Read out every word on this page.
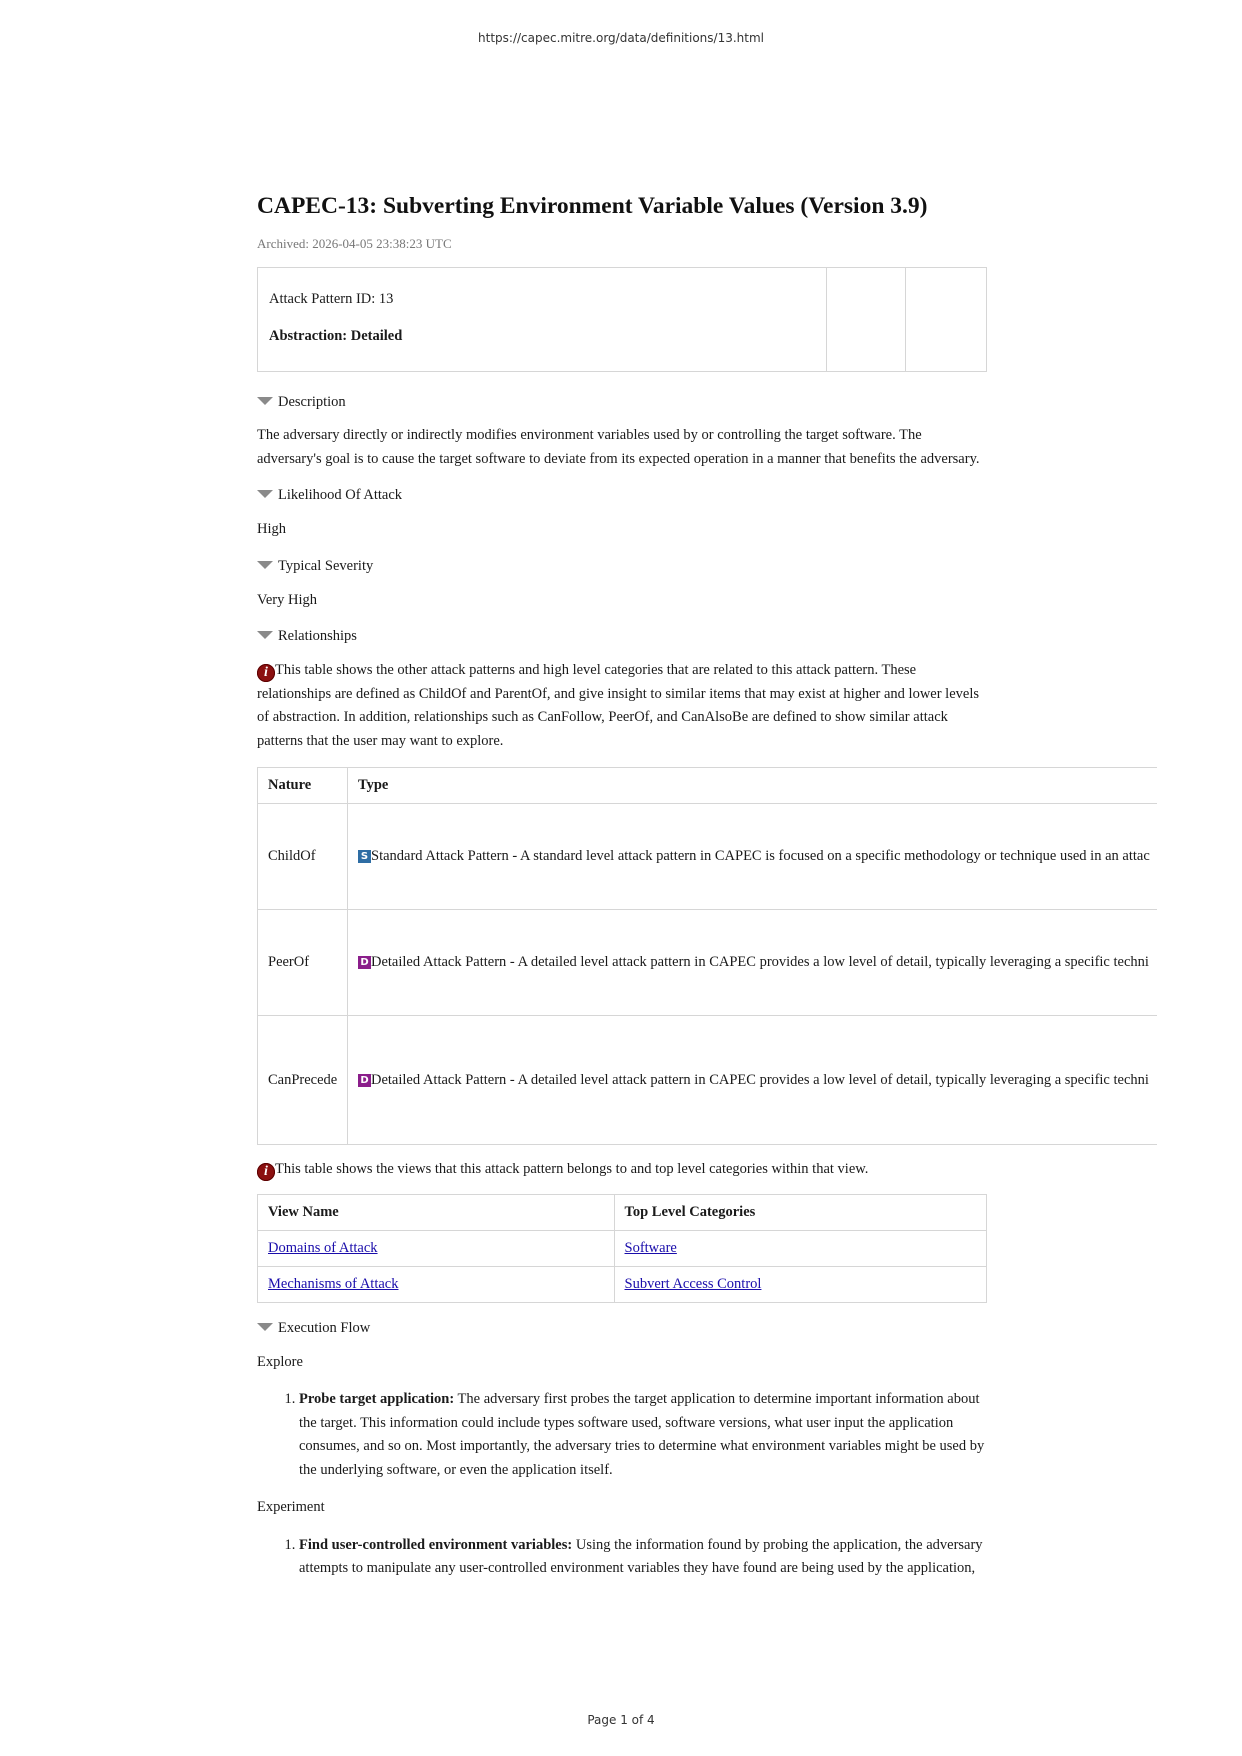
https://capec.mitre.org/data/definitions/13.html
CAPEC-13: Subverting Environment Variable Values (Version 3.9)
Archived: 2026-04-05 23:38:23 UTC

Attack Pattern ID: 13

Abstraction: Detailed

Description

The adversary directly or indirectly modifies environment variables used by or controlling the target software. The adversary's goal is to cause the target software to deviate from its expected operation in a manner that benefits the adversary.

Likelihood Of Attack

High

Typical Severity

Very High

Relationships

i This table shows the other attack patterns and high level categories that are related to this attack pattern. These relationships are defined as ChildOf and ParentOf, and give insight to similar items that may exist at higher and lower levels of abstraction. In addition, relationships such as CanFollow, PeerOf, and CanAlsoBe are defined to show similar attack patterns that the user may want to explore.

Nature	Type
ChildOf	S Standard Attack Pattern - A standard level attack pattern in CAPEC is focused on a specific methodology or technique used in an attac
PeerOf	D Detailed Attack Pattern - A detailed level attack pattern in CAPEC provides a low level of detail, typically leveraging a specific techni
CanPrecede	D Detailed Attack Pattern - A detailed level attack pattern in CAPEC provides a low level of detail, typically leveraging a specific techni

i This table shows the views that this attack pattern belongs to and top level categories within that view.

View Name	Top Level Categories
Domains of Attack	Software
Mechanisms of Attack	Subvert Access Control
Execution Flow

Explore

1. Probe target application: The adversary first probes the target application to determine important information about the target. This information could include types software used, software versions, what user input the application consumes, and so on. Most importantly, the adversary tries to determine what environment variables might be used by the underlying software, or even the application itself.

Experiment

1. Find user-controlled environment variables: Using the information found by probing the application, the adversary attempts to manipulate any user-controlled environment variables they have found are being used by the application,
Page 1 of 4
